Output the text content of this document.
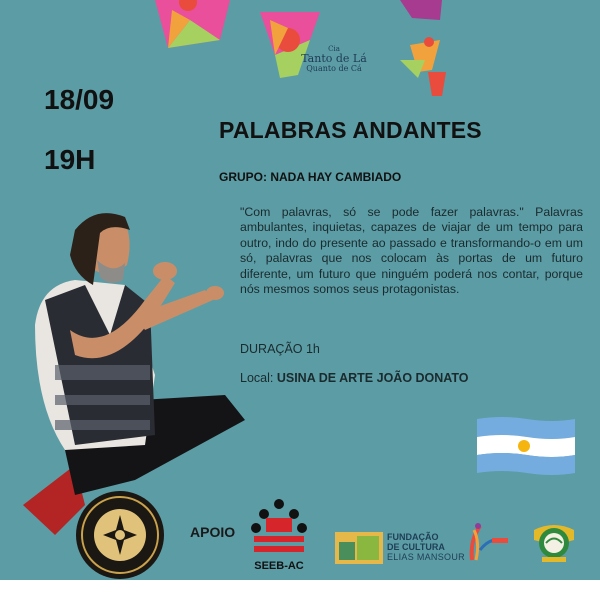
Cia
Tanto de Lá
Quanto de Cá
18/09
19H
PALABRAS ANDANTES
GRUPO: NADA HAY CAMBIADO
"Com palavras, só se pode fazer palavras." Palavras ambulantes, inquietas, capazes de viajar de um tempo para outro, indo do presente ao passado e transformando-o em um só, palavras que nos colocam às portas de um futuro diferente, um futuro que ninguém poderá nos contar, porque nós mesmos somos seus protagonistas.
DURAÇÃO 1h
Local: USINA DE ARTE JOÃO DONATO
APOIO
SEEB-AC
FUNDAÇÃO
DE CULTURA
ELIAS MANSOUR
